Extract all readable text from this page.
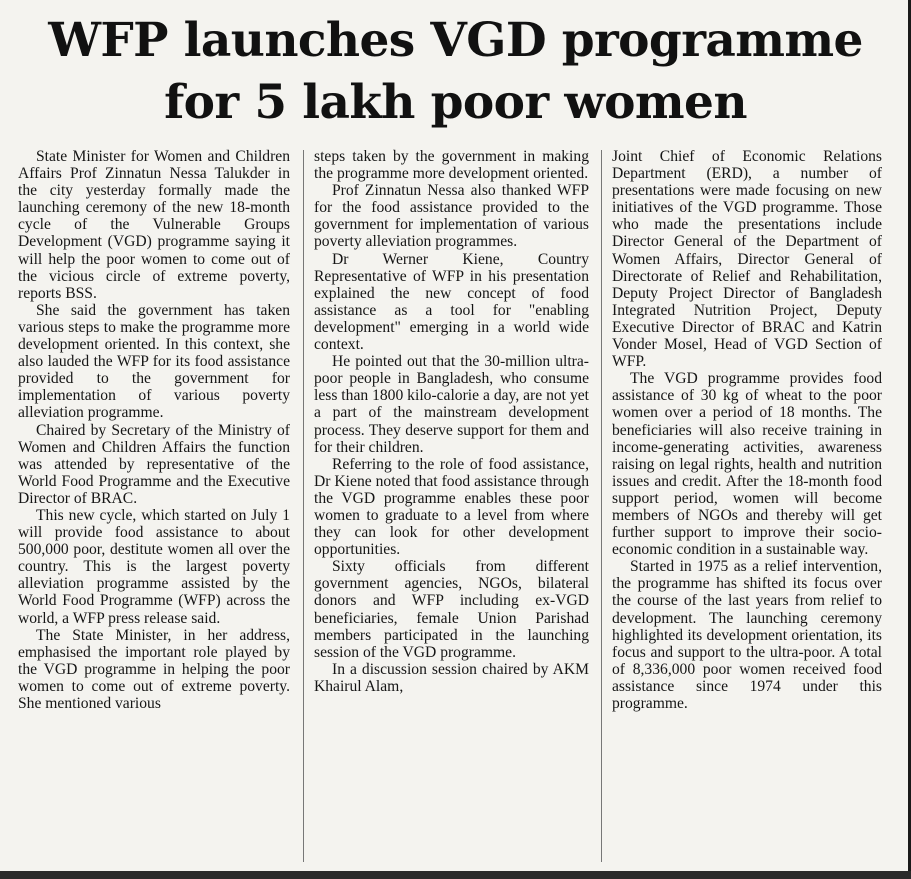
WFP launches VGD programme
for 5 lakh poor women

State Minister for Women and Children Affairs Prof Zinnatun Nessa Talukder in the city yesterday formally made the launching ceremony of the new 18-month cycle of the Vulnerable Groups Development (VGD) programme saying it will help the poor women to come out of the vicious circle of extreme poverty, reports BSS.

She said the government has taken various steps to make the programme more development oriented. In this context, she also lauded the WFP for its food assistance provided to the government for implementation of various poverty alleviation programme.

Chaired by Secretary of the Ministry of Women and Children Affairs the function was attended by representative of the World Food Programme and the Executive Director of BRAC.

This new cycle, which started on July 1 will provide food assistance to about 500,000 poor, destitute women all over the country. This is the largest poverty alleviation programme assisted by the World Food Programme (WFP) across the world, a WFP press release said.

The State Minister, in her address, emphasised the important role played by the VGD programme in helping the poor women to come out of extreme poverty. She mentioned various

steps taken by the government in making the programme more development oriented.

Prof Zinnatun Nessa also thanked WFP for the food assistance provided to the government for implementation of various poverty alleviation programmes.

Dr Werner Kiene, Country Representative of WFP in his presentation explained the new concept of food assistance as a tool for "enabling development" emerging in a world wide context.

He pointed out that the 30-million ultra-poor people in Bangladesh, who consume less than 1800 kilo-calorie a day, are not yet a part of the mainstream development process. They deserve support for them and for their children.

Referring to the role of food assistance, Dr Kiene noted that food assistance through the VGD programme enables these poor women to graduate to a level from where they can look for other development opportunities.

Sixty officials from different government agencies, NGOs, bilateral donors and WFP including ex-VGD beneficiaries, female Union Parishad members participated in the launching session of the VGD programme.

In a discussion session chaired by AKM Khairul Alam,

Joint Chief of Economic Relations Department (ERD), a number of presentations were made focusing on new initiatives of the VGD programme. Those who made the presentations include Director General of the Department of Women Affairs, Director General of Directorate of Relief and Rehabilitation, Deputy Project Director of Bangladesh Integrated Nutrition Project, Deputy Executive Director of BRAC and Katrin Vonder Mosel, Head of VGD Section of WFP.

The VGD programme provides food assistance of 30 kg of wheat to the poor women over a period of 18 months. The beneficiaries will also receive training in income-generating activities, awareness raising on legal rights, health and nutrition issues and credit. After the 18-month food support period, women will become members of NGOs and thereby will get further support to improve their socio-economic condition in a sustainable way.

Started in 1975 as a relief intervention, the programme has shifted its focus over the course of the last years from relief to development. The launching ceremony highlighted its development orientation, its focus and support to the ultra-poor. A total of 8,336,000 poor women received food assistance since 1974 under this programme.
